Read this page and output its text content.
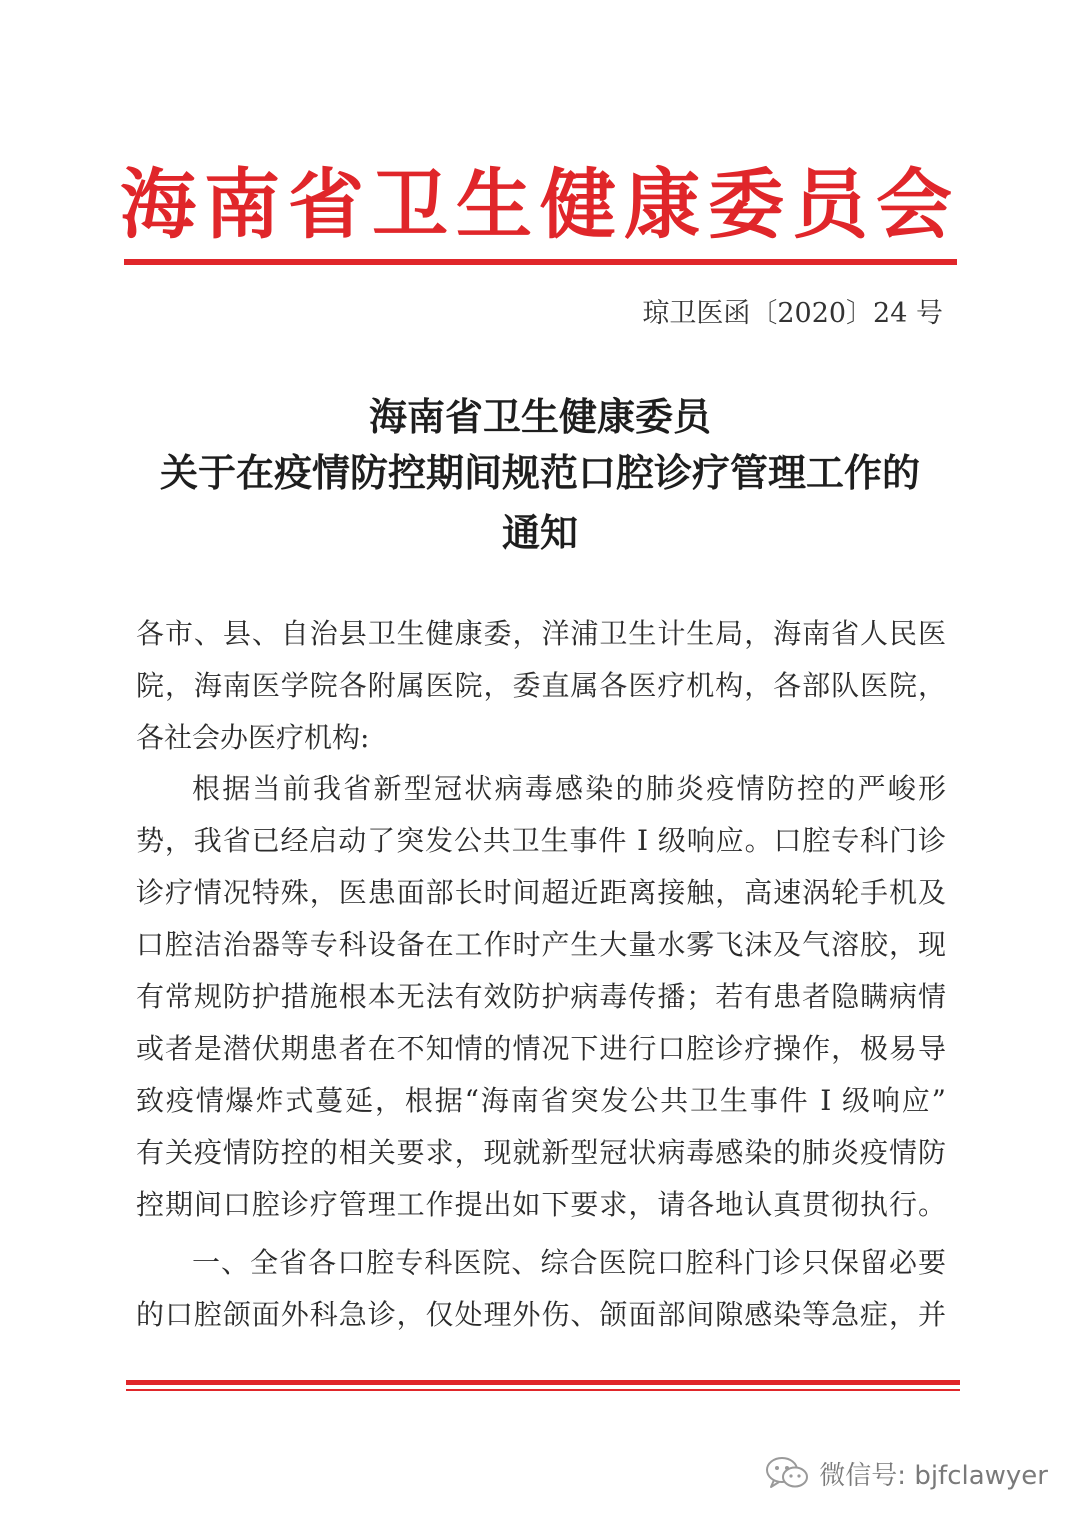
海南省卫生健康委员会
琼卫医函〔2020〕24 号
海南省卫生健康委员
关于在疫情防控期间规范口腔诊疗管理工作的
通知
各市、县、自治县卫生健康委，洋浦卫生计生局，海南省人民医
院，海南医学院各附属医院，委直属各医疗机构，各部队医院，
各社会办医疗机构:
根据当前我省新型冠状病毒感染的肺炎疫情防控的严峻形
势，我省已经启动了突发公共卫生事件 I 级响应。口腔专科门诊
诊疗情况特殊，医患面部长时间超近距离接触，高速涡轮手机及
口腔洁治器等专科设备在工作时产生大量水雾飞沫及气溶胶，现
有常规防护措施根本无法有效防护病毒传播；若有患者隐瞒病情
或者是潜伏期患者在不知情的情况下进行口腔诊疗操作，极易导
致疫情爆炸式蔓延，根据“海南省突发公共卫生事件 I 级响应”
有关疫情防控的相关要求，现就新型冠状病毒感染的肺炎疫情防
控期间口腔诊疗管理工作提出如下要求，请各地认真贯彻执行。
一、全省各口腔专科医院、综合医院口腔科门诊只保留必要
的口腔颌面外科急诊，仅处理外伤、颌面部间隙感染等急症，并
微信号: bjfclawyer
